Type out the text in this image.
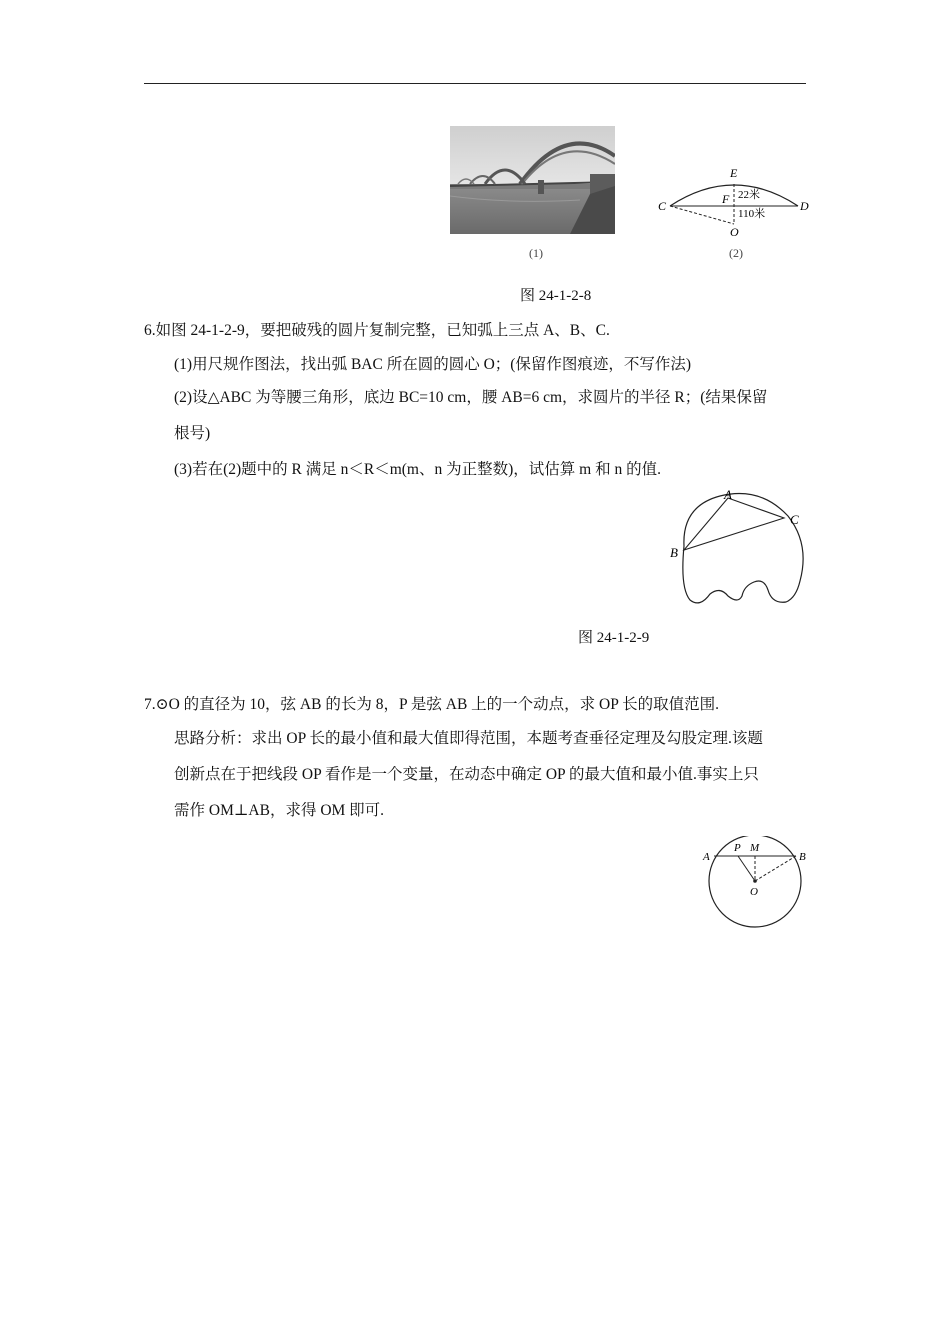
(1)
E
F 22米
110米
C	D
O
(2)
图 24-1-2-8
6.如图 24-1-2-9，要把破残的圆片复制完整，已知弧上三点 A、B、C.
(1)用尺规作图法，找出弧 BAC 所在圆的圆心 O；(保留作图痕迹，不写作法)
(2)设△ABC 为等腰三角形，底边 BC=10 cm，腰 AB=6 cm，求圆片的半径 R；(结果保留
根号)
(3)若在(2)题中的 R 满足 n＜R＜m(m、n 为正整数)，试估算 m 和 n 的值.
A
B
C
图 24-1-2-9
7.⊙O 的直径为 10，弦 AB 的长为 8，P 是弦 AB 上的一个动点，求 OP 长的取值范围.
思路分析：求出 OP 长的最小值和最大值即得范围，本题考查垂径定理及勾股定理.该题
创新点在于把线段 OP 看作是一个变量，在动态中确定 OP 的最大值和最小值.事实上只
需作 OM⊥AB，求得 OM 即可.
A
P M
B
O
